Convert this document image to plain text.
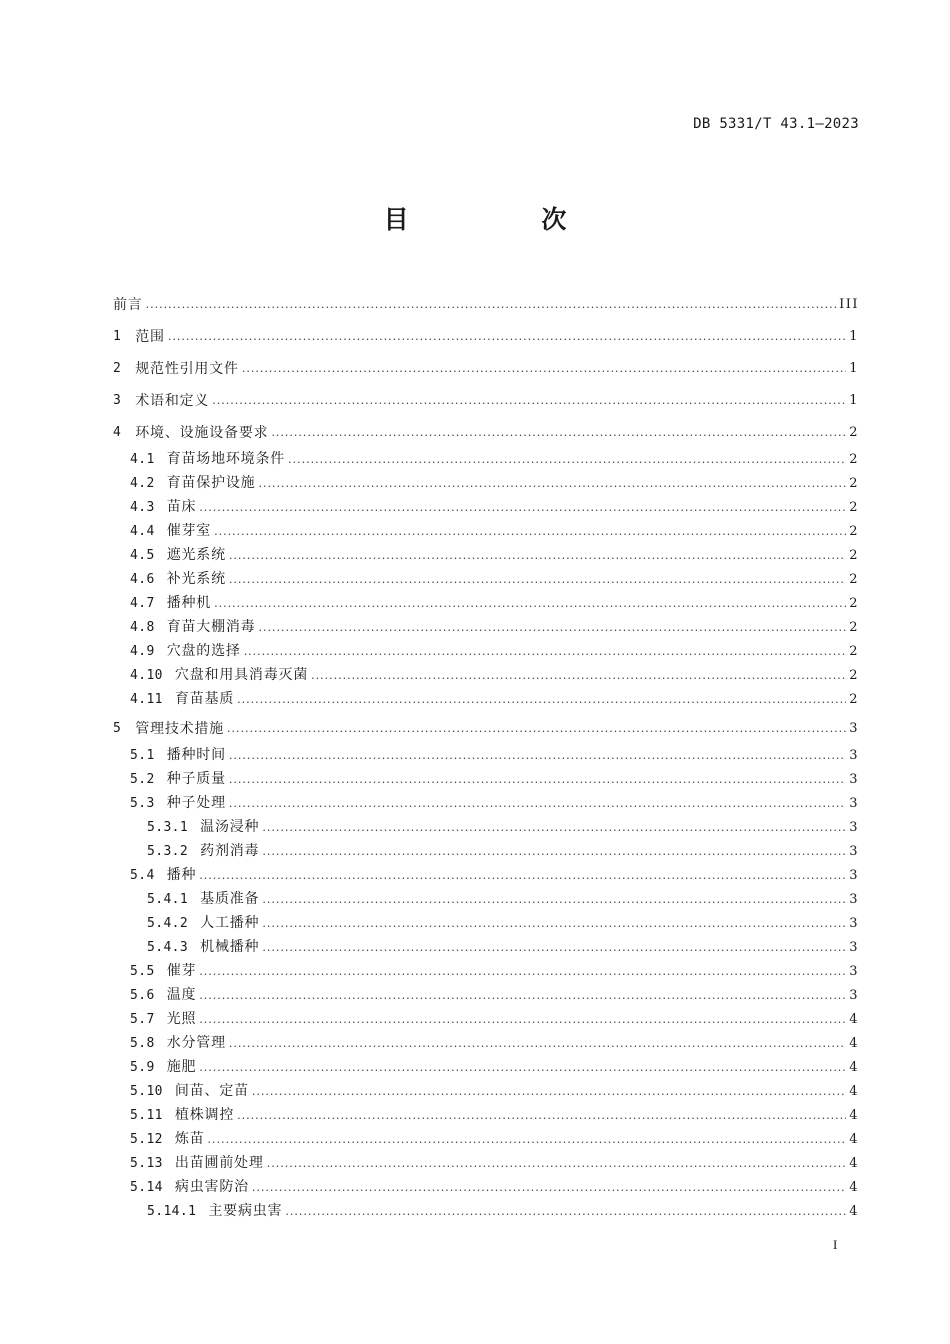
DB 5331/T 43.1—2023
目 次
前言 .....	III
1 范围 .....	1
2 规范性引用文件 .....	1
3 术语和定义 .....	1
4 环境、设施设备要求 .....	2
4.1 育苗场地环境条件 .....	2
4.2 育苗保护设施 .....	2
4.3 苗床 .....	2
4.4 催芽室 .....	2
4.5 遮光系统 .....	2
4.6 补光系统 .....	2
4.7 播种机 .....	2
4.8 育苗大棚消毒 .....	2
4.9 穴盘的选择 .....	2
4.10 穴盘和用具消毒灭菌 .....	2
4.11 育苗基质 .....	2
5 管理技术措施 .....	3
5.1 播种时间 .....	3
5.2 种子质量 .....	3
5.3 种子处理 .....	3
5.3.1 温汤浸种 .....	3
5.3.2 药剂消毒 .....	3
5.4 播种 .....	3
5.4.1 基质准备 .....	3
5.4.2 人工播种 .....	3
5.4.3 机械播种 .....	3
5.5 催芽 .....	3
5.6 温度 .....	3
5.7 光照 .....	4
5.8 水分管理 .....	4
5.9 施肥 .....	4
5.10 间苗、定苗 .....	4
5.11 植株调控 .....	4
5.12 炼苗 .....	4
5.13 出苗圃前处理 .....	4
5.14 病虫害防治 .....	4
5.14.1 主要病虫害 .....	4
I
